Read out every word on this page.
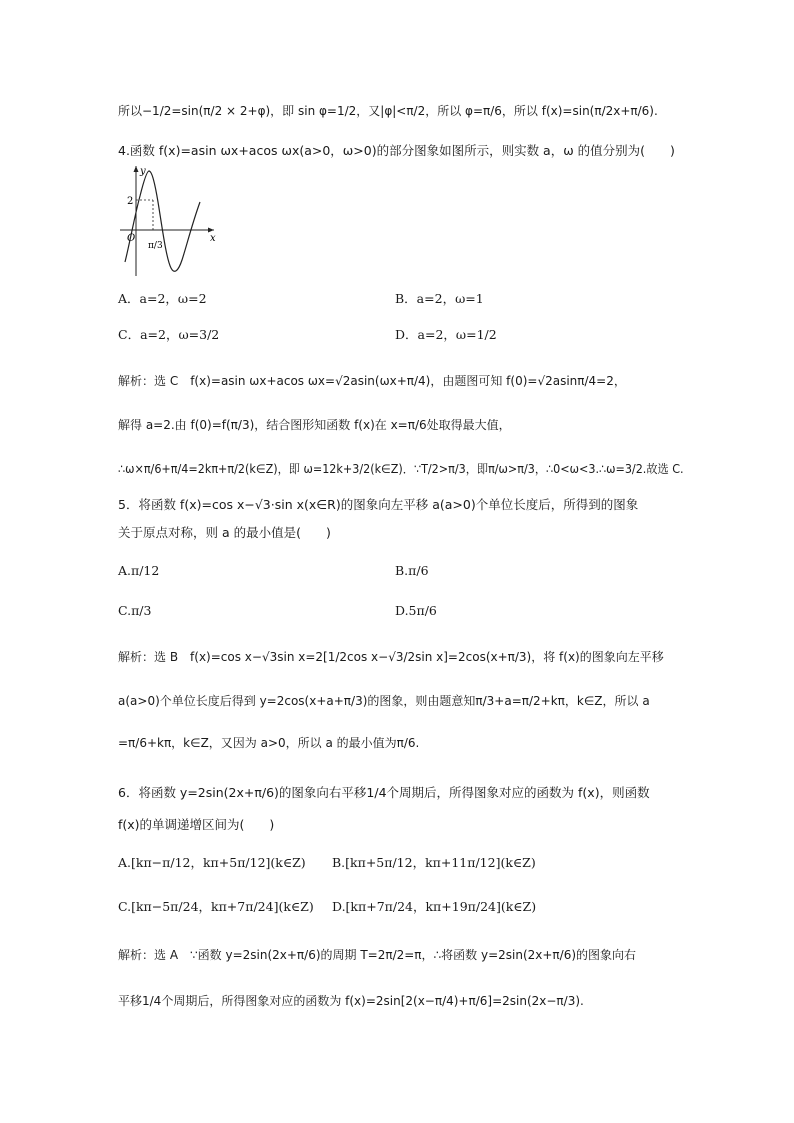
所以−1/2=sin(π/2 × 2+φ)，即 sin φ=1/2，又|φ|<π/2，所以 φ=π/6，所以 f(x)=sin(π/2x+π/6).
4.函数 f(x)=asin ωx+acos ωx(a>0，ω>0)的部分图象如图所示，则实数 a，ω 的值分别为(　　)
y
x
O
2
π/3
A．a=2，ω=2	B．a=2，ω=1
C．a=2，ω=3/2	D．a=2，ω=1/2
解析：选 C　f(x)=asin ωx+acos ωx=√2asin(ωx+π/4)，由题图可知 f(0)=√2asinπ/4=2，
解得 a=2.由 f(0)=f(π/3)，结合图形知函数 f(x)在 x=π/6处取得最大值，
∴ω×π/6+π/4=2kπ+π/2(k∈Z)，即 ω=12k+3/2(k∈Z)．∵T/2>π/3，即π/ω>π/3，∴0<ω<3.∴ω=3/2.故选 C.
5．将函数 f(x)=cos x−√3·sin x(x∈R)的图象向左平移 a(a>0)个单位长度后，所得到的图象
关于原点对称，则 a 的最小值是(　　)
A.π/12	B.π/6
C.π/3	D.5π/6
解析：选 B　f(x)=cos x−√3sin x=2[1/2cos x−√3/2sin x]=2cos(x+π/3)，将 f(x)的图象向左平移
a(a>0)个单位长度后得到 y=2cos(x+a+π/3)的图象，则由题意知π/3+a=π/2+kπ，k∈Z，所以 a
=π/6+kπ，k∈Z，又因为 a>0，所以 a 的最小值为π/6.
6．将函数 y=2sin(2x+π/6)的图象向右平移1/4个周期后，所得图象对应的函数为 f(x)，则函数
f(x)的单调递增区间为(　　)
A.[kπ−π/12，kπ+5π/12](k∈Z) B.[kπ+5π/12，kπ+11π/12](k∈Z)
C.[kπ−5π/24，kπ+7π/24](k∈Z) D.[kπ+7π/24，kπ+19π/24](k∈Z)
解析：选 A　∵函数 y=2sin(2x+π/6)的周期 T=2π/2=π，∴将函数 y=2sin(2x+π/6)的图象向右
平移1/4个周期后，所得图象对应的函数为 f(x)=2sin[2(x−π/4)+π/6]=2sin(2x−π/3).
